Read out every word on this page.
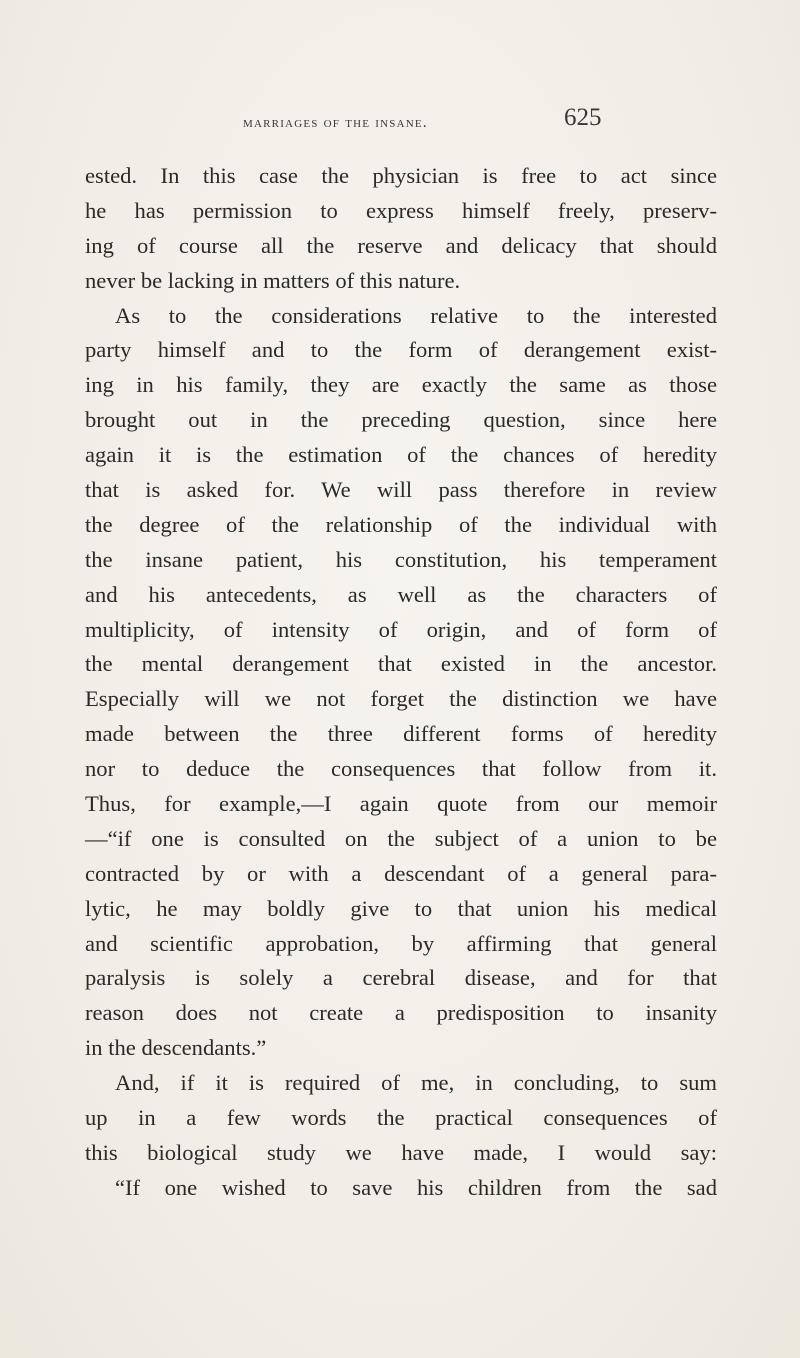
marriages of the insane.	625
ested. In this case the physician is free to act since
he has permission to express himself freely, preserv-
ing of course all the reserve and delicacy that should
never be lacking in matters of this nature.
As to the considerations relative to the interested
party himself and to the form of derangement exist-
ing in his family, they are exactly the same as those
brought out in the preceding question, since here
again it is the estimation of the chances of heredity
that is asked for. We will pass therefore in review
the degree of the relationship of the individual with
the insane patient, his constitution, his temperament
and his antecedents, as well as the characters of
multiplicity, of intensity of origin, and of form of
the mental derangement that existed in the ancestor.
Especially will we not forget the distinction we have
made between the three different forms of heredity
nor to deduce the consequences that follow from it.
Thus, for example,—I again quote from our memoir
—“if one is consulted on the subject of a union to be
contracted by or with a descendant of a general para-
lytic, he may boldly give to that union his medical
and scientific approbation, by affirming that general
paralysis is solely a cerebral disease, and for that
reason does not create a predisposition to insanity
in the descendants.”
And, if it is required of me, in concluding, to sum
up in a few words the practical consequences of
this biological study we have made, I would say:
“If one wished to save his children from the sad
